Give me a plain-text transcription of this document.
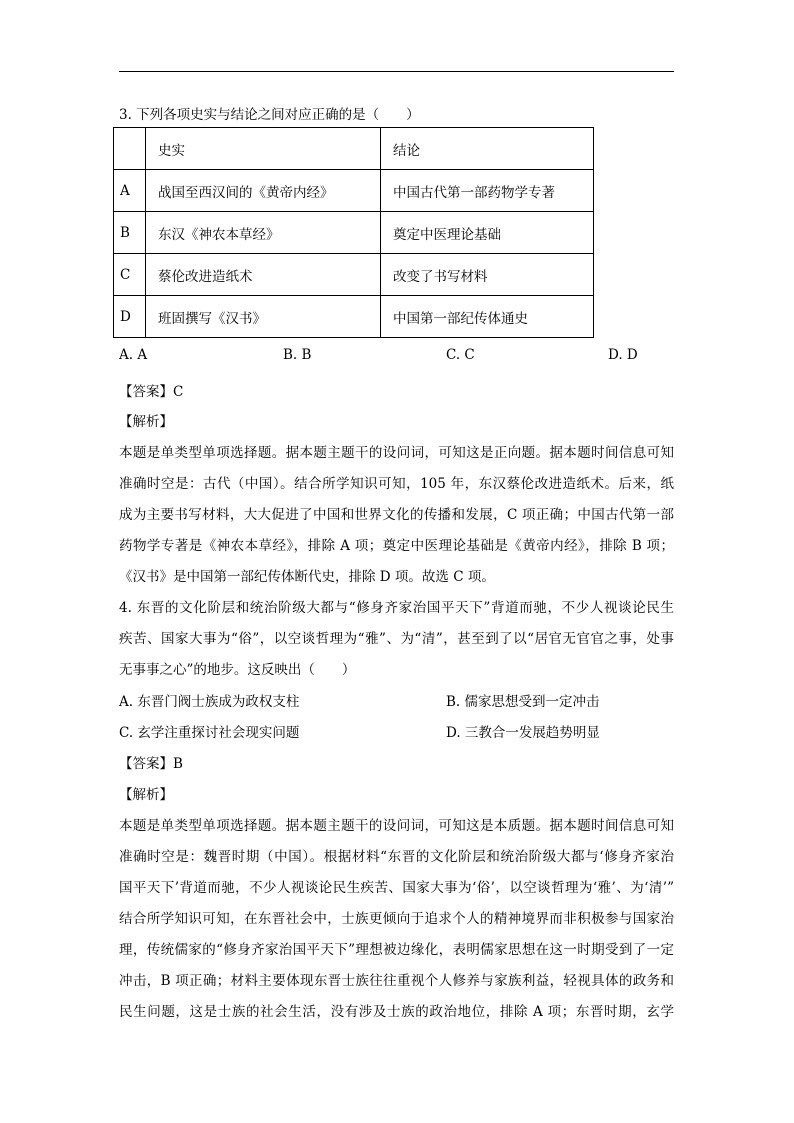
3. 下列各项史实与结论之间对应正确的是（　　）
	史实	结论
A	战国至西汉间的《黄帝内经》	中国古代第一部药物学专著
B	东汉《神农本草经》	奠定中医理论基础
C	蔡伦改进造纸术	改变了书写材料
D	班固撰写《汉书》	中国第一部纪传体通史
A. A	B. B	C. C	D. D
【答案】C
【解析】
本题是单类型单项选择题。据本题主题干的设问词，可知这是正向题。据本题时间信息可知
准确时空是：古代（中国）。结合所学知识可知，105 年，东汉蔡伦改进造纸术。后来，纸
成为主要书写材料，大大促进了中国和世界文化的传播和发展，C 项正确；中国古代第一部
药物学专著是《神农本草经》，排除 A 项；奠定中医理论基础是《黄帝内经》，排除 B 项；
《汉书》是中国第一部纪传体断代史，排除 D 项。故选 C 项。
4. 东晋的文化阶层和统治阶级大都与“修身齐家治国平天下”背道而驰，不少人视谈论民生
疾苦、国家大事为“俗”，以空谈哲理为“雅”、为“清”，甚至到了以“居官无官官之事，处事
无事事之心”的地步。这反映出（　　）
A. 东晋门阀士族成为政权支柱	B. 儒家思想受到一定冲击
C. 玄学注重探讨社会现实问题	D. 三教合一发展趋势明显
【答案】B
【解析】
本题是单类型单项选择题。据本题主题干的设问词，可知这是本质题。据本题时间信息可知
准确时空是：魏晋时期（中国）。根据材料“东晋的文化阶层和统治阶级大都与‘修身齐家治
国平天下’背道而驰，不少人视谈论民生疾苦、国家大事为‘俗’，以空谈哲理为‘雅’、为‘清’”
结合所学知识可知，在东晋社会中，士族更倾向于追求个人的精神境界而非积极参与国家治
理，传统儒家的“修身齐家治国平天下”理想被边缘化，表明儒家思想在这一时期受到了一定
冲击，B 项正确；材料主要体现东晋士族往往重视个人修养与家族利益，轻视具体的政务和
民生问题，这是士族的社会生活，没有涉及士族的政治地位，排除 A 项；东晋时期，玄学
